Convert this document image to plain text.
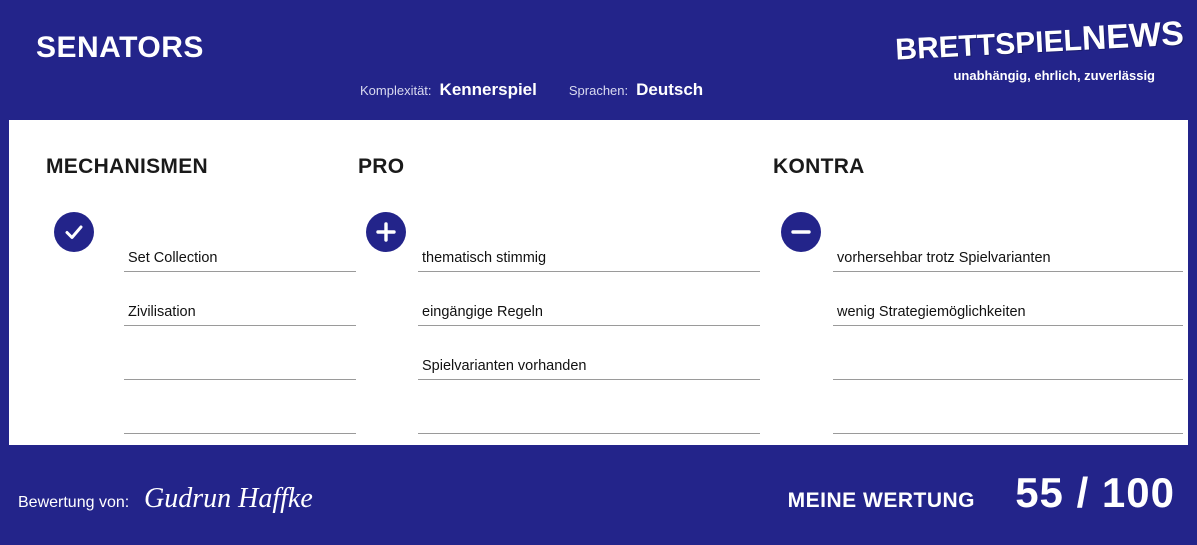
SENATORS
Komplexität: Kennerspiel Sprachen: Deutsch
BRETTSPIELNEWS
unabhängig, ehrlich, zuverlässig
MECHANISMEN
Set Collection
Zivilisation
PRO
thematisch stimmig
eingängige Regeln
Spielvarianten vorhanden
KONTRA
vorhersehbar trotz Spielvarianten
wenig Strategiemöglichkeiten
Bewertung von: Gudrun Haffke	MEINE WERTUNG 55 / 100
